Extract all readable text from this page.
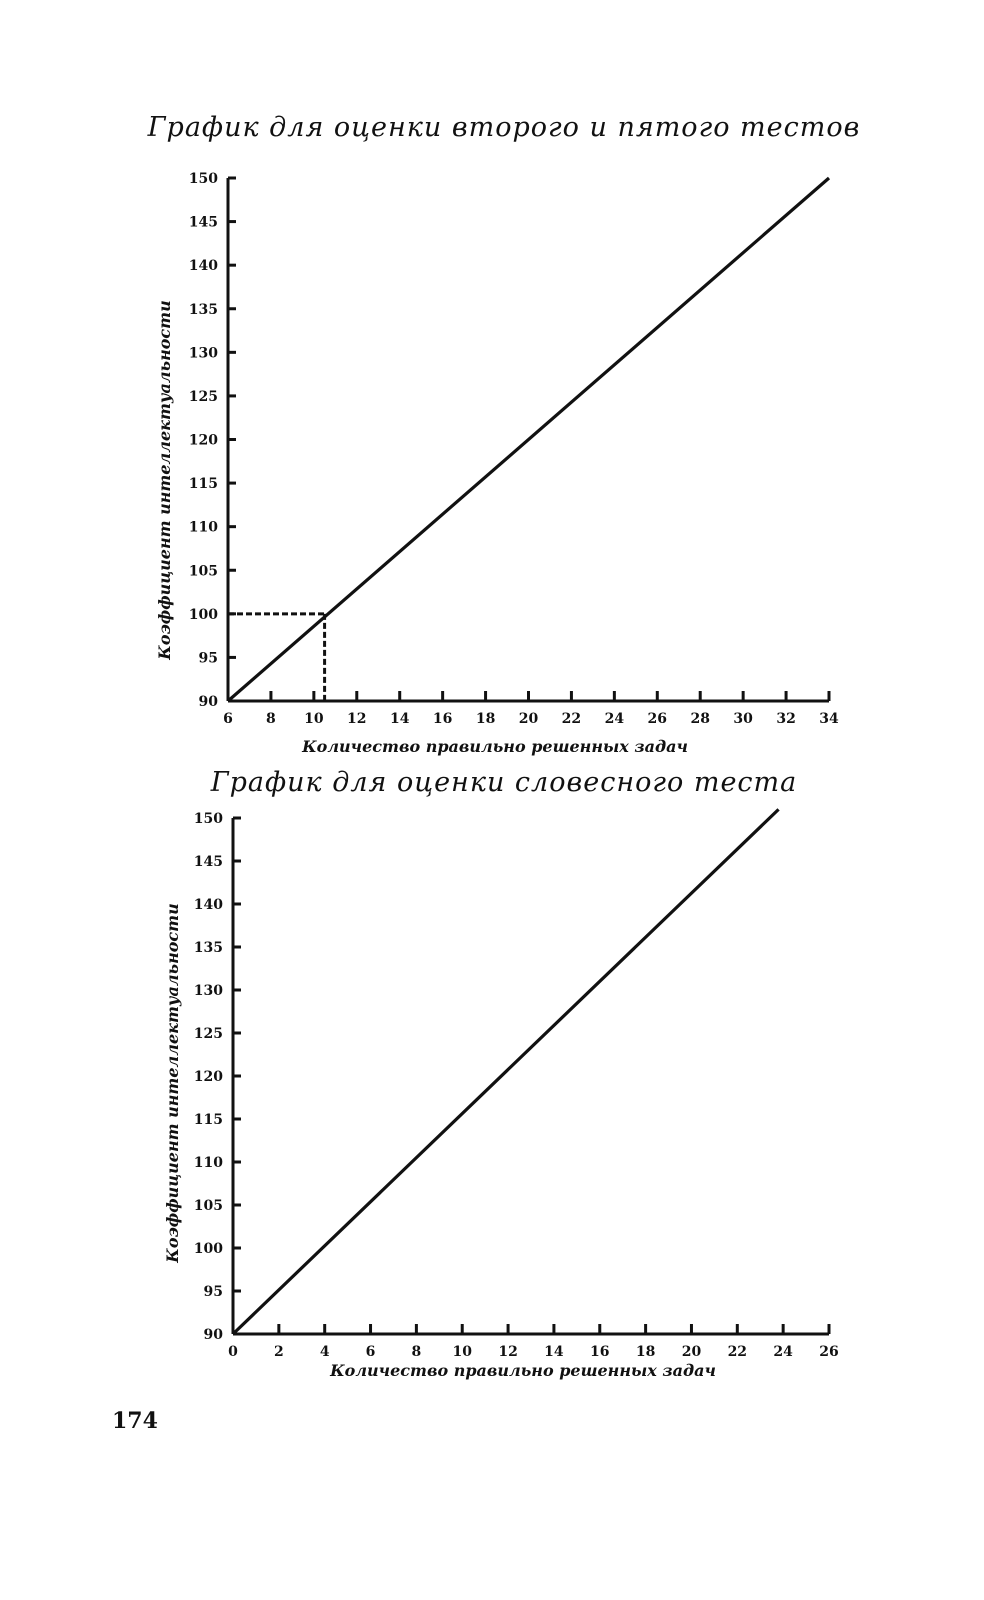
График для оценки второго и пятого тестов
90
95
100
105
110
115
120
125
130
135
140
145
150
6 8 10 12 14 16 18 20 22 24 26 28 30 32 34
Количество правильно решенных задач
Коэффициент интеллектуальности
График для оценки словесного теста
90
95
100
105
110
115
120
125
130
135
140
145
150
0	2	4	6	8 10 12 14 16 18 20 22 24 26
Количество правильно решенных задач
Коэффициент интеллектуальности
174
